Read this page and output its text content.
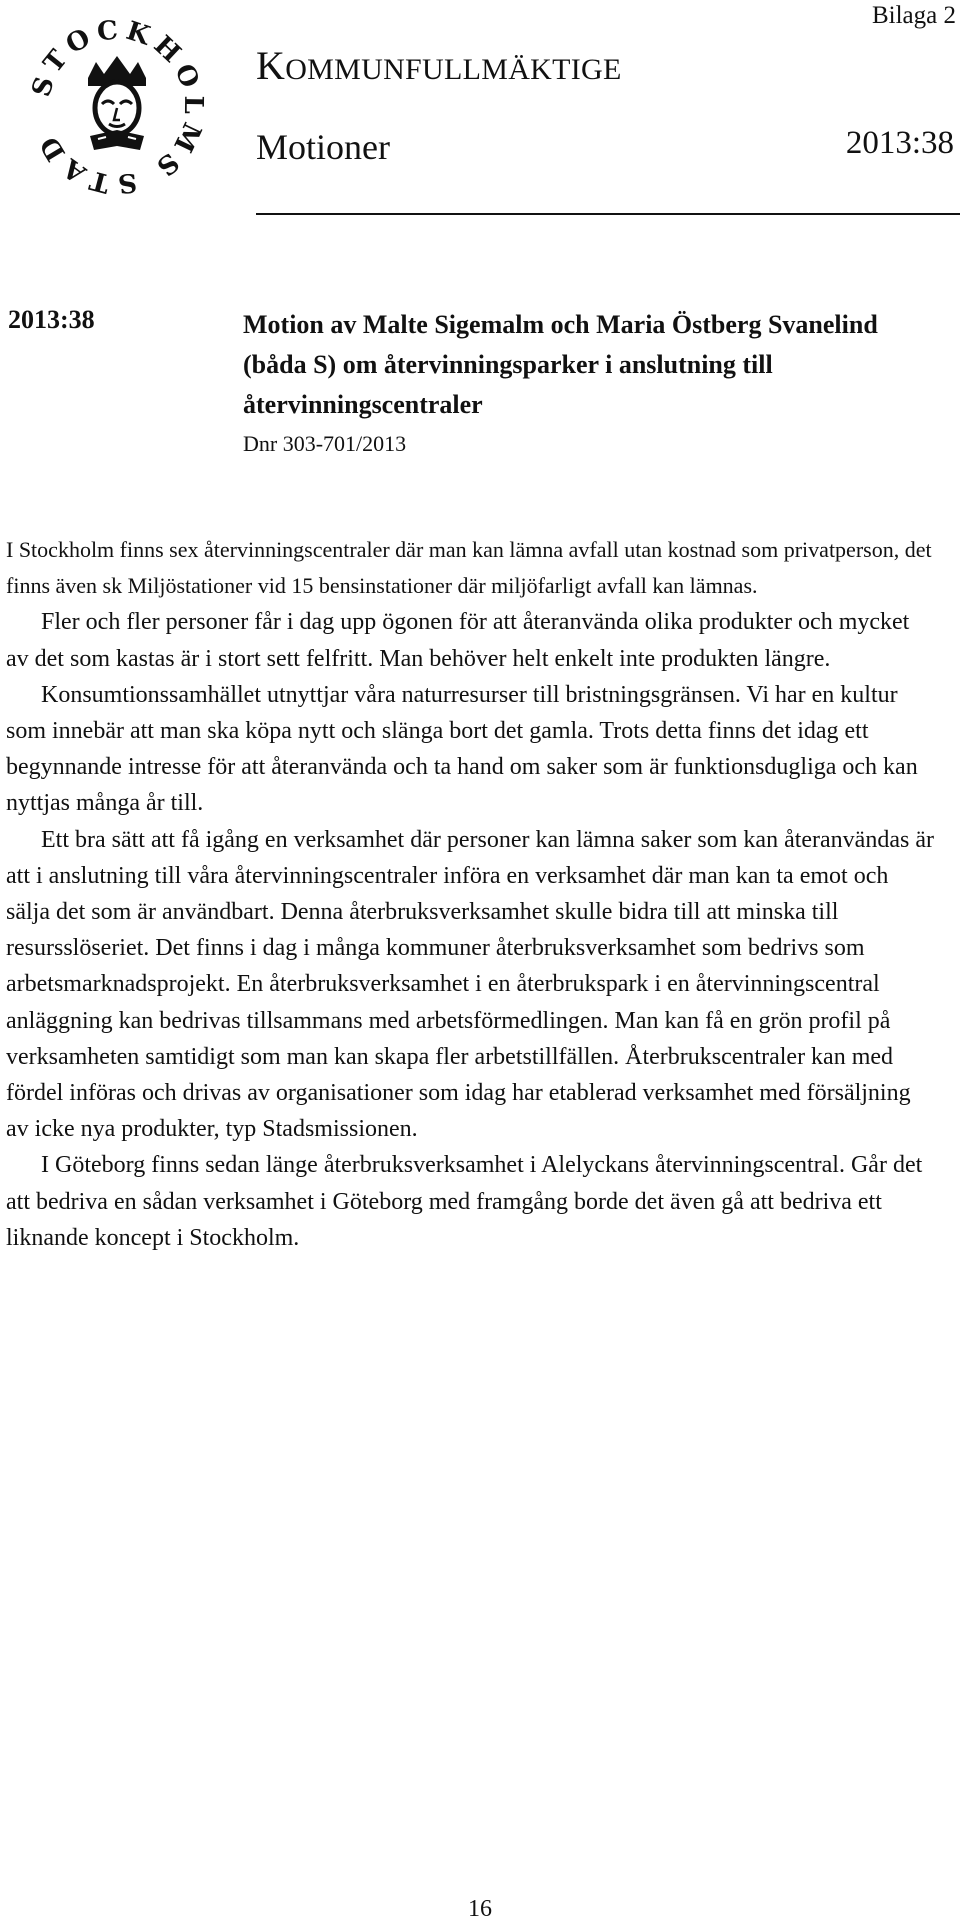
STOCKHOLMS STAD
Bilaga 2
KOMMUNFULLMÄKTIGE
Motioner	2013:38
2013:38	Motion av Malte Sigemalm och Maria Östberg Svanelind (båda S) om återvinningsparker i anslutning till återvinningscentraler

Dnr 303-701/2013

I Stockholm finns sex återvinningscentraler där man kan lämna avfall utan kostnad som privatperson, det finns även sk Miljöstationer vid 15 bensinstationer där miljöfarligt avfall kan lämnas.

Fler och fler personer får i dag upp ögonen för att återanvända olika produkter och mycket av det som kastas är i stort sett felfritt. Man behöver helt enkelt inte produkten längre.

Konsumtionssamhället utnyttjar våra naturresurser till bristningsgränsen. Vi har en kultur som innebär att man ska köpa nytt och slänga bort det gamla. Trots detta finns det idag ett begynnande intresse för att återanvända och ta hand om saker som är funktionsdugliga och kan nyttjas många år till.

Ett bra sätt att få igång en verksamhet där personer kan lämna saker som kan återanvändas är att i anslutning till våra återvinningscentraler införa en verksamhet där man kan ta emot och sälja det som är användbart. Denna återbruksverksamhet skulle bidra till att minska till resursslöseriet. Det finns i dag i många kommuner återbruksverksamhet som bedrivs som arbetsmarknadsprojekt. En återbruksverksamhet i en återbrukspark i en återvinningscentral anläggning kan bedrivas tillsammans med arbetsförmedlingen. Man kan få en grön profil på verksamheten samtidigt som man kan skapa fler arbetstillfällen. Återbrukscentraler kan med fördel införas och drivas av organisationer som idag har etablerad verksamhet med försäljning av icke nya produkter, typ Stadsmissionen.

I Göteborg finns sedan länge återbruksverksamhet i Alelyckans återvinningscentral. Går det att bedriva en sådan verksamhet i Göteborg med framgång borde det även gå att bedriva ett liknande koncept i Stockholm.

16
